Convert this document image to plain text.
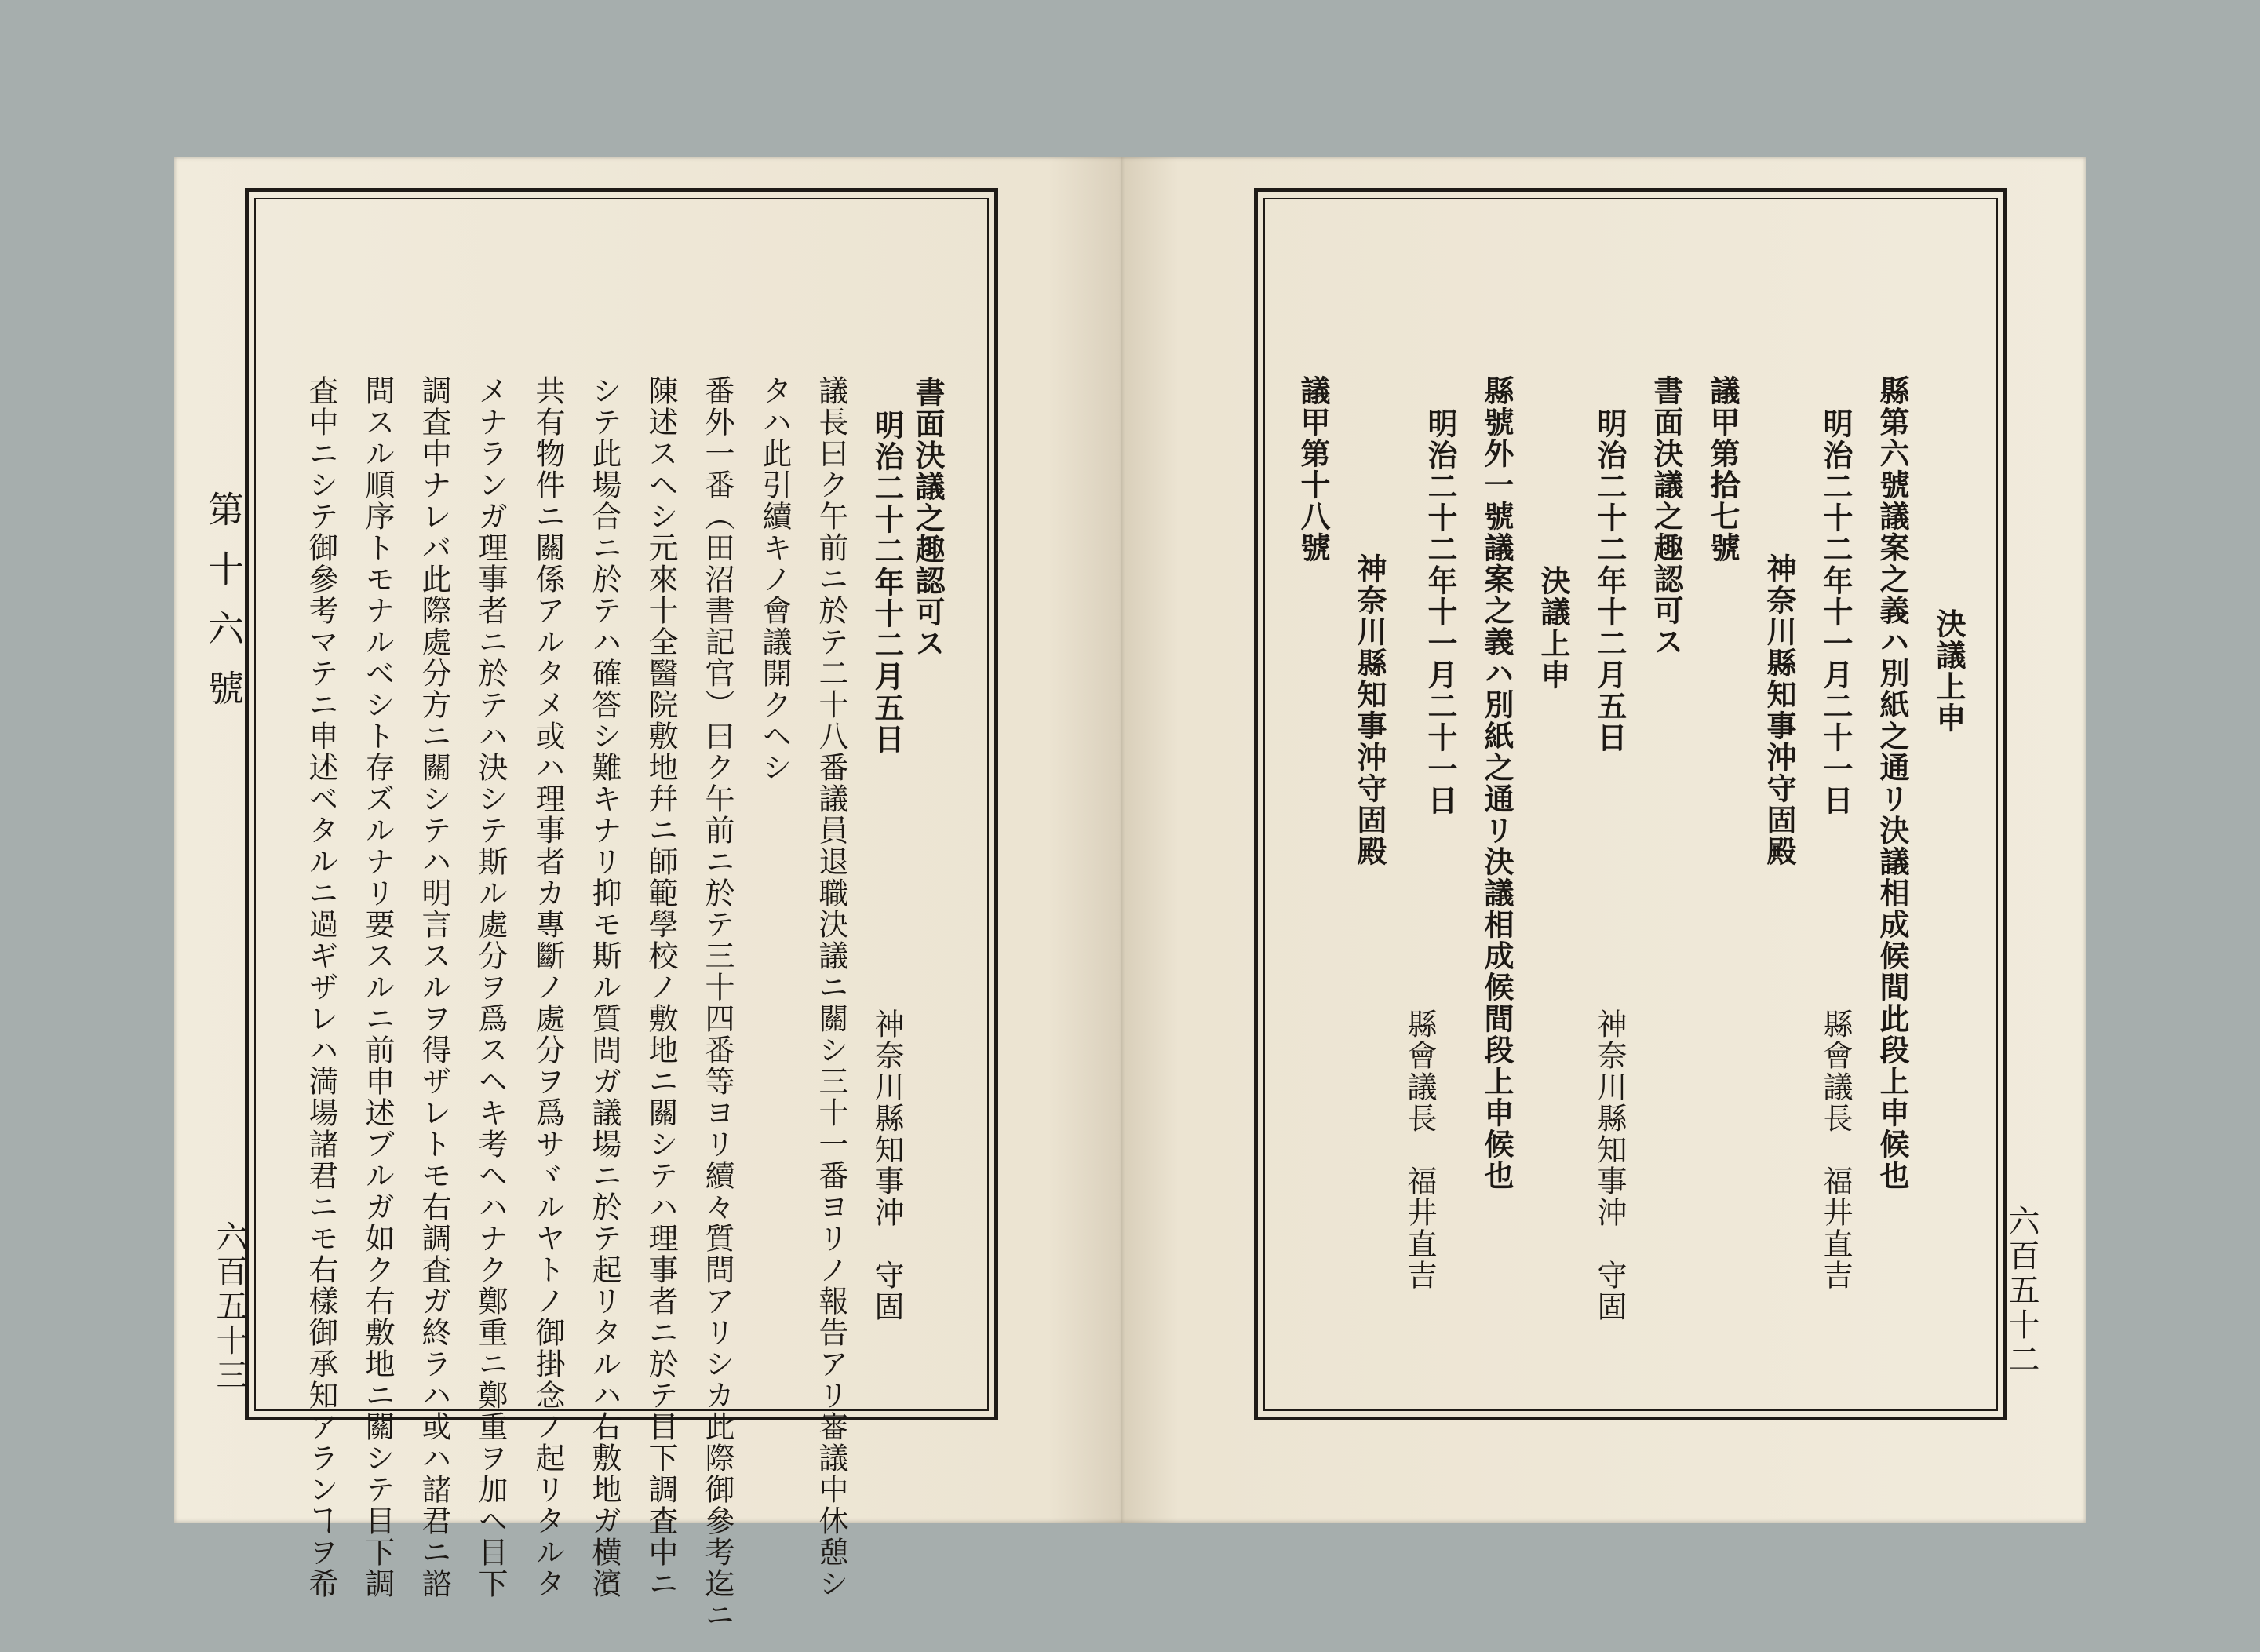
第十六號
六百五十三
書面決議之趣認可ス
明治二十二年十二月五日
神奈川縣知事沖　守固
議長曰ク午前ニ於テ二十八番議員退職決議ニ關シ三十一番ヨリノ報告アリ審議中休憩シ
タハ此引續キノ會議開クヘシ
番外一番（田沼書記官）曰ク午前ニ於テ三十四番等ヨリ續々質問アリシカ此際御參考迄ニ
陳述スヘシ元來十全醫院敷地幷ニ師範學校ノ敷地ニ關シテハ理事者ニ於テ目下調査中ニ
シテ此場合ニ於テハ確答シ難キナリ抑モ斯ル質問ガ議場ニ於テ起リタルハ右敷地ガ横濱
共有物件ニ關係アルタメ或ハ理事者カ專斷ノ處分ヲ爲サヾルヤトノ御掛念ノ起リタルタ
メナランガ理事者ニ於テハ決シテ斯ル處分ヲ爲スヘキ考ヘハナク鄭重ニ鄭重ヲ加ヘ目下
調査中ナレバ此際處分方ニ關シテハ明言スルヲ得ザレトモ右調査ガ終ラハ或ハ諸君ニ諮
問スル順序トモナルベシト存ズルナリ要スルニ前申述ブルガ如ク右敷地ニ關シテ目下調
査中ニシテ御參考マテニ申述ベタルニ過ギザレハ満場諸君ニモ右樣御承知アランヿヲ希	六百五十二
決議上申
縣第六號議案之義ハ別紙之通リ決議相成候間此段上申候也
明治二十二年十一月二十一日
縣會議長　福井直吉
神奈川縣知事沖守固殿
議甲第拾七號
書面決議之趣認可ス
明治二十二年十二月五日
神奈川縣知事沖　守固
決議上申
縣號外一號議案之義ハ別紙之通リ決議相成候間段上申候也
明治二十二年十一月二十一日
縣會議長　福井直吉
神奈川縣知事沖守固殿
議甲第十八號
